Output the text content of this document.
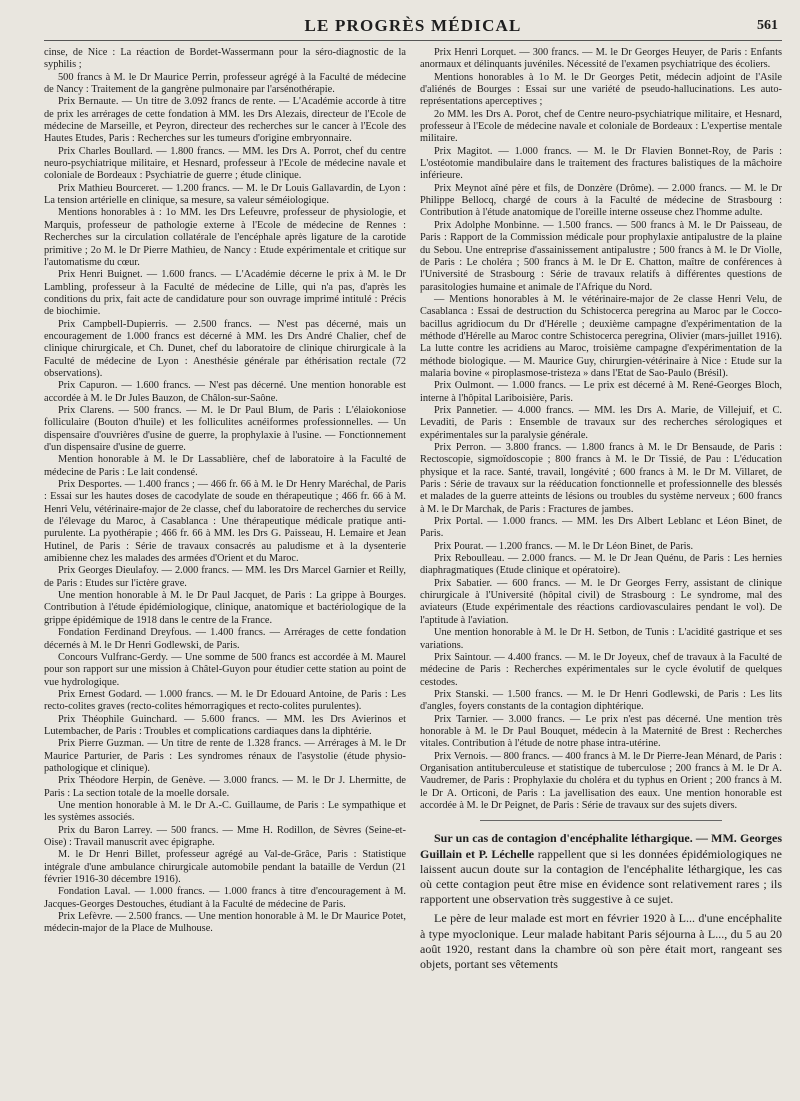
LE PROGRÈS MÉDICAL	561

cinse, de Nice : La réaction de Bordet-Wassermann pour la séro-diagnostic de la syphilis ;

500 francs à M. le Dr Maurice Perrin, professeur agrégé à la Faculté de médecine de Nancy : Traitement de la gangrène pulmonaire par l'arsénothérapie.

Prix Bernaute. — Un titre de 3.092 francs de rente. — L'Académie accorde à titre de prix les arrérages de cette fondation à MM. les Drs Alezais, directeur de l'Ecole de médecine de Marseille, et Peyron, directeur des recherches sur le cancer à l'Ecole des Hautes Etudes, Paris : Recherches sur les tumeurs d'origine embryonnaire.

Prix Charles Boullard. — 1.800 francs. — MM. les Drs A. Porrot, chef du centre neuro-psychiatrique militaire, et Hesnard, professeur à l'Ecole de médecine navale et coloniale de Bordeaux : Psychiatrie de guerre ; étude clinique.

Prix Mathieu Bourceret. — 1.200 francs. — M. le Dr Louis Gallavardin, de Lyon : La tension artérielle en clinique, sa mesure, sa valeur séméiologique.

Mentions honorables à : 1o MM. les Drs Lefeuvre, professeur de physiologie, et Marquis, professeur de pathologie externe à l'Ecole de médecine de Rennes : Recherches sur la circulation collatérale de l'encéphale après ligature de la carotide primitive ; 2o M. le Dr Pierre Mathieu, de Nancy : Etude expérimentale et critique sur l'automatisme du cœur.

Prix Henri Buignet. — 1.600 francs. — L'Académie décerne le prix à M. le Dr Lambling, professeur à la Faculté de médecine de Lille, qui n'a pas, d'après les conditions du prix, fait acte de candidature pour son ouvrage imprimé intitulé : Précis de biochimie.

Prix Campbell-Dupierris. — 2.500 francs. — N'est pas décerné, mais un encouragement de 1.000 francs est décerné à MM. les Drs André Chalier, chef de clinique chirurgicale, et Ch. Dunet, chef du laboratoire de clinique chirurgicale à la Faculté de médecine de Lyon : Anesthésie générale par éthérisation rectale (72 observations).

Prix Capuron. — 1.600 francs. — N'est pas décerné. Une mention honorable est accordée à M. le Dr Jules Bauzon, de Châlon-sur-Saône.

Prix Clarens. — 500 francs. — M. le Dr Paul Blum, de Paris : L'élaiokoniose folliculaire (Bouton d'huile) et les folliculites acnéiformes professionnelles. — Un dispensaire d'ouvrières d'usine de guerre, la prophylaxie à l'usine. — Fonctionnement d'un dispensaire d'usine de guerre.

Mention honorable à M. le Dr Lassablière, chef de laboratoire à la Faculté de médecine de Paris : Le lait condensé.

Prix Desportes. — 1.400 francs ; — 466 fr. 66 à M. le Dr Henry Maréchal, de Paris : Essai sur les hautes doses de cacodylate de soude en thérapeutique ; 466 fr. 66 à M. Henri Velu, vétérinaire-major de 2e classe, chef du laboratoire de recherches du service de l'élevage du Maroc, à Casablanca : Une thérapeutique médicale pratique anti-purulente. La pyothérapie ; 466 fr. 66 à MM. les Drs G. Paisseau, H. Lemaire et Jean Hutinel, de Paris : Série de travaux consacrés au paludisme et à la dysenterie amibienne chez les malades des armées d'Orient et du Maroc.

Prix Georges Dieulafoy. — 2.000 francs. — MM. les Drs Marcel Garnier et Reilly, de Paris : Etudes sur l'ictère grave.

Une mention honorable à M. le Dr Paul Jacquet, de Paris : La grippe à Bourges. Contribution à l'étude épidémiologique, clinique, anatomique et bactériologique de la grippe épidémique de 1918 dans le centre de la France.

Fondation Ferdinand Dreyfous. — 1.400 francs. — Arrérages de cette fondation décernés à M. le Dr Henri Godlewski, de Paris.

Concours Vulfranc-Gerdy. — Une somme de 500 francs est accordée à M. Maurel pour son rapport sur une mission à Châtel-Guyon pour étudier cette station au point de vue hydrologique.

Prix Ernest Godard. — 1.000 francs. — M. le Dr Edouard Antoine, de Paris : Les recto-colites graves (recto-colites hémorragiques et recto-colites purulentes).

Prix Théophile Guinchard. — 5.600 francs. — MM. les Drs Avierinos et Lutembacher, de Paris : Troubles et complications cardiaques dans la diphtérie.

Prix Pierre Guzman. — Un titre de rente de 1.328 francs. — Arrérages à M. le Dr Maurice Parturier, de Paris : Les syndromes rénaux de l'asystolie (étude physio-pathologique et clinique).

Prix Théodore Herpin, de Genève. — 3.000 francs. — M. le Dr J. Lhermitte, de Paris : La section totale de la moelle dorsale.

Une mention honorable à M. le Dr A.-C. Guillaume, de Paris : Le sympathique et les systèmes associés.

Prix du Baron Larrey. — 500 francs. — Mme H. Rodillon, de Sèvres (Seine-et-Oise) : Travail manuscrit avec épigraphe.

M. le Dr Henri Billet, professeur agrégé au Val-de-Grâce, Paris : Statistique intégrale d'une ambulance chirurgicale automobile pendant la bataille de Verdun (21 février 1916-30 décembre 1916).

Fondation Laval. — 1.000 francs. — 1.000 francs à titre d'encouragement à M. Jacques-Georges Destouches, étudiant à la Faculté de médecine de Paris.

Prix Lefèvre. — 2.500 francs. — Une mention honorable à M. le Dr Maurice Potet, médecin-major de la Place de Mulhouse.

Prix Henri Lorquet. — 300 francs. — M. le Dr Georges Heuyer, de Paris : Enfants anormaux et délinquants juvéniles. Nécessité de l'examen psychiatrique des écoliers.

Mentions honorables à 1o M. le Dr Georges Petit, médecin adjoint de l'Asile d'aliénés de Bourges : Essai sur une variété de pseudo-hallucinations. Les auto-représentations aperceptives ;

2o MM. les Drs A. Porot, chef de Centre neuro-psychiatrique militaire, et Hesnard, professeur à l'Ecole de médecine navale et coloniale de Bordeaux : L'expertise mentale militaire.

Prix Magitot. — 1.000 francs. — M. le Dr Flavien Bonnet-Roy, de Paris : L'ostéotomie mandibulaire dans le traitement des fractures balistiques de la mâchoire inférieure.

Prix Meynot aîné père et fils, de Donzère (Drôme). — 2.000 francs. — M. le Dr Philippe Bellocq, chargé de cours à la Faculté de médecine de Strasbourg : Contribution à l'étude anatomique de l'oreille interne osseuse chez l'homme adulte.

Prix Adolphe Monbinne. — 1.500 francs. — 500 francs à M. le Dr Paisseau, de Paris : Rapport de la Commission médicale pour prophylaxie antipalustre de la plaine du Sebou. Une entreprise d'assainissement antipalustre ; 500 francs à M. le Dr Violle, de Paris : Le choléra ; 500 francs à M. le Dr E. Chatton, maître de conférences à l'Université de Strasbourg : Série de travaux relatifs à différentes questions de parasitologies humaine et animale de l'Afrique du Nord.

— Mentions honorables à M. le vétérinaire-major de 2e classe Henri Velu, de Casablanca : Essai de destruction du Schistocerca peregrina au Maroc par le Cocco-bacillus agridiocum du Dr d'Hérelle ; deuxième campagne d'expérimentation de la méthode d'Hérelle au Maroc contre Schistocerca peregrina, Olivier (mars-juillet 1916). La lutte contre les acridiens au Maroc, troisième campagne d'expérimentation de la méthode biologique. — M. Maurice Guy, chirurgien-vétérinaire à Nice : Etude sur la malaria bovine « piroplasmose-tristeza » dans l'Etat de Sao-Paulo (Brésil).

Prix Oulmont. — 1.000 francs. — Le prix est décerné à M. René-Georges Bloch, interne à l'hôpital Lariboisière, Paris.

Prix Pannetier. — 4.000 francs. — MM. les Drs A. Marie, de Villejuif, et C. Levaditi, de Paris : Ensemble de travaux sur des recherches sérologiques et expérimentales sur la paralysie générale.

Prix Perron. — 3.800 francs. — 1.800 francs à M. le Dr Bensaude, de Paris : Rectoscopie, sigmoïdoscopie ; 800 francs à M. le Dr Tissié, de Pau : L'éducation physique et la race. Santé, travail, longévité ; 600 francs à M. le Dr M. Villaret, de Paris : Série de travaux sur la rééducation fonctionnelle et professionnelle des blessés et malades de la guerre atteints de lésions ou troubles du système nerveux ; 600 francs à M. le Dr Marchak, de Paris : Fractures de jambes.

Prix Portal. — 1.000 francs. — MM. les Drs Albert Leblanc et Léon Binet, de Paris.

Prix Pourat. — 1.200 francs. — M. le Dr Léon Binet, de Paris.

Prix Reboulleau. — 2.000 francs. — M. le Dr Jean Quénu, de Paris : Les hernies diaphragmatiques (Etude clinique et opératoire).

Prix Sabatier. — 600 francs. — M. le Dr Georges Ferry, assistant de clinique chirurgicale à l'Université (hôpital civil) de Strasbourg : Le syndrome, mal des aviateurs (Etude expérimentale des réactions cardiovasculaires pendant le vol). De l'aptitude à l'aviation.

Une mention honorable à M. le Dr H. Setbon, de Tunis : L'acidité gastrique et ses variations.

Prix Saintour. — 4.400 francs. — M. le Dr Joyeux, chef de travaux à la Faculté de médecine de Paris : Recherches expérimentales sur le cycle évolutif de quelques cestodes.

Prix Stanski. — 1.500 francs. — M. le Dr Henri Godlewski, de Paris : Les lits d'angles, foyers constants de la contagion diphtérique.

Prix Tarnier. — 3.000 francs. — Le prix n'est pas décerné. Une mention très honorable à M. le Dr Paul Bouquet, médecin à la Maternité de Brest : Recherches vitales. Contribution à l'étude de notre phase intra-utérine.

Prix Vernois. — 800 francs. — 400 francs à M. le Dr Pierre-Jean Ménard, de Paris : Organisation antituberculeuse et statistique de tuberculose ; 200 francs à M. le Dr A. Vaudremer, de Paris : Prophylaxie du choléra et du typhus en Orient ; 200 francs à M. le Dr A. Orticoni, de Paris : La javellisation des eaux. Une mention honorable est accordée à M. le Dr Peignet, de Paris : Série de travaux sur des sujets divers.

Sur un cas de contagion d'encéphalite léthargique. — MM. Georges Guillain et P. Léchelle rappellent que si les données épidémiologiques ne laissent aucun doute sur la contagion de l'encéphalite léthargique, les cas où cette contagion peut être mise en évidence sont relativement rares ; ils rapportent une observation très suggestive à ce sujet.

Le père de leur malade est mort en février 1920 à L... d'une encéphalite à type myoclonique. Leur malade habitant Paris séjourna à L..., du 5 au 20 août 1920, restant dans la chambre où son père était mort, rangeant ses objets, portant ses vêtements
